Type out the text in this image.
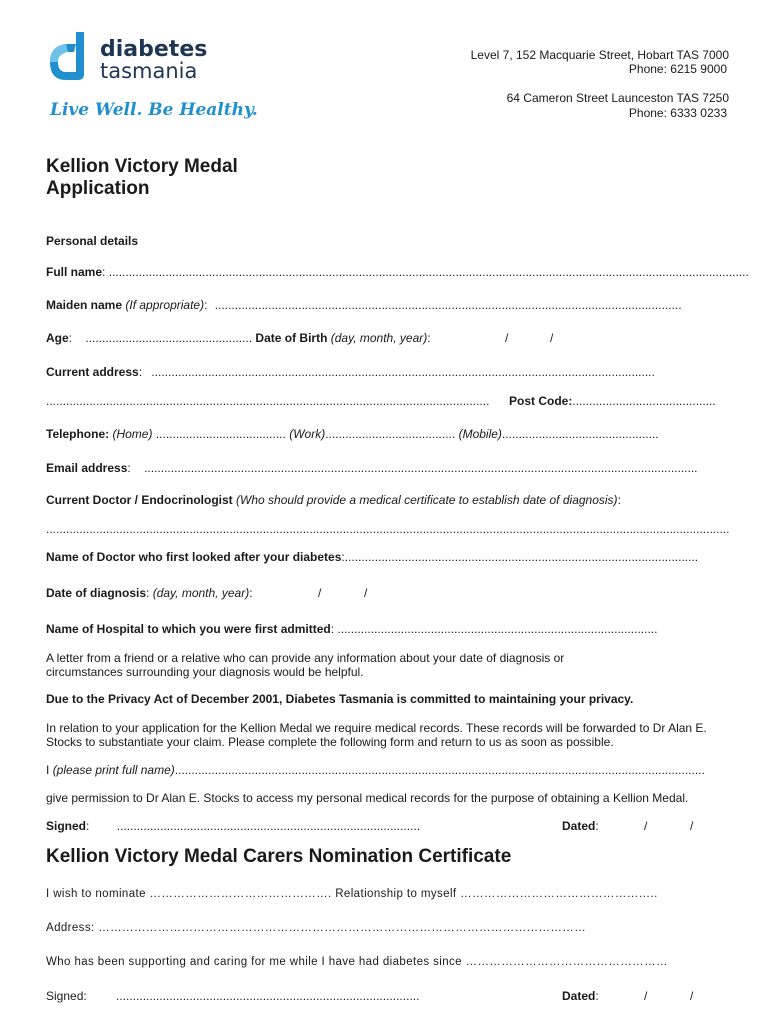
diabetes
tasmania
Live Well. Be Healthy.
Level 7, 152 Macquarie Street, Hobart TAS 7000
Phone: 6215 9000
64 Cameron Street Launceston TAS 7250
Phone: 6333 0233
Kellion Victory Medal
Application
Personal details
Full name: ................................................................................................................................................................................................
Maiden name (If appropriate): ............................................................................................................................................
Age: .................................................. Date of Birth (day, month, year):	/	/
Current address: .......................................................................................................................................................
..................................................................................................................................... Post Code:...........................................
Telephone: (Home) ....................................... (Work)....................................... (Mobile)...............................................
Email address: ......................................................................................................................................................................
Current Doctor / Endocrinologist (Who should provide a medical certificate to establish date of diagnosis):
.............................................................................................................................................................................................................
Name of Doctor who first looked after your diabetes:..........................................................................................................
Date of diagnosis: (day, month, year):	/	/
Name of Hospital to which you were first admitted: ................................................................................................
A letter from a friend or a relative who can provide any information about your date of diagnosis or circumstances surrounding your diagnosis would be helpful.
Due to the Privacy Act of December 2001, Diabetes Tasmania is committed to maintaining your privacy.
In relation to your application for the Kellion Medal we require medical records. These records will be forwarded to Dr Alan E. Stocks to substantiate your claim. Please complete the following form and return to us as soon as possible.
I (please print full name)...............................................................................................................................................................
give permission to Dr Alan E. Stocks to access my personal medical records for the purpose of obtaining a Kellion Medal.
Signed: ...........................................................................................	Dated:	/	/
Kellion Victory Medal Carers Nomination Certificate
I wish to nominate ………………………………………. Relationship to myself …………………………………………..
Address: ……………………………………………………………………………………………………………
Who has been supporting and caring for me while I have had diabetes since ……………………………………………
Signed: ...........................................................................................	Dated:	/	/
